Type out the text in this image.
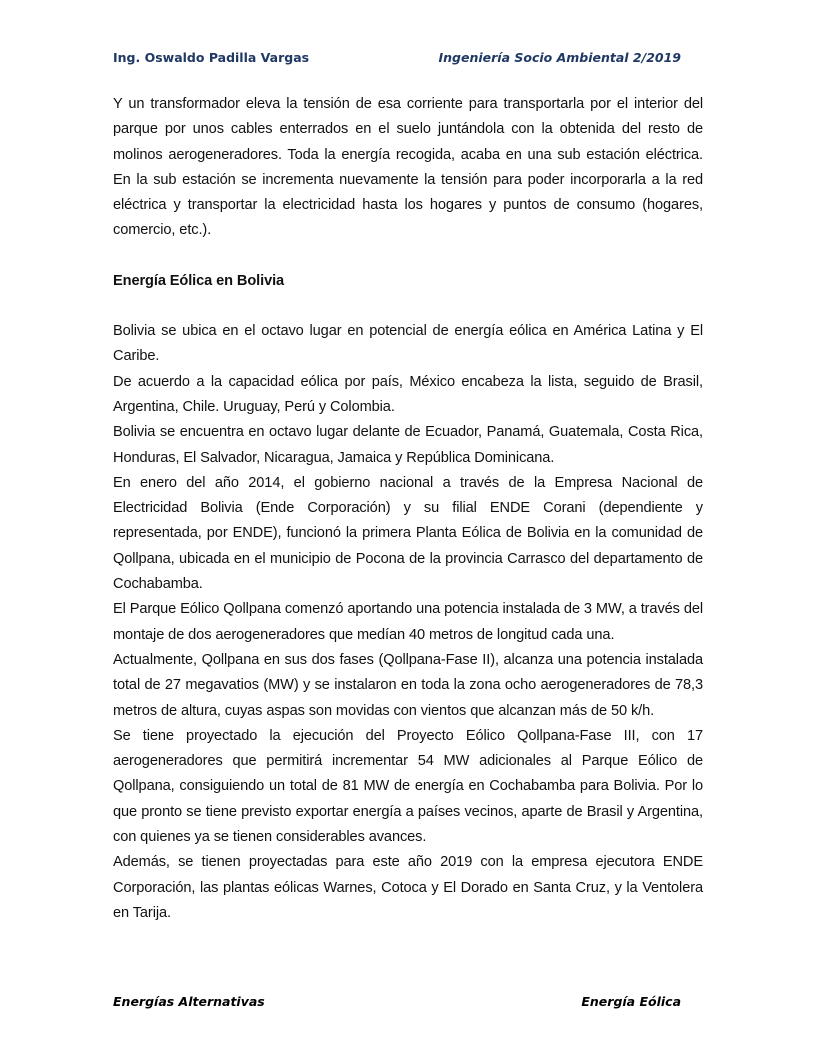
Ing. Oswaldo Padilla Vargas	Ingeniería Socio Ambiental 2/2019

Y un transformador eleva la tensión de esa corriente para transportarla por el interior del parque por unos cables enterrados en el suelo juntándola con la obtenida del resto de molinos aerogeneradores. Toda la energía recogida, acaba en una sub estación eléctrica. En la sub estación se incrementa nuevamente la tensión para poder incorporarla a la red eléctrica y transportar la electricidad hasta los hogares y puntos de consumo (hogares, comercio, etc.).

Energía Eólica en Bolivia

Bolivia se ubica en el octavo lugar en potencial de energía eólica en América Latina y El Caribe.

De acuerdo a la capacidad eólica por país, México encabeza la lista, seguido de Brasil, Argentina, Chile. Uruguay, Perú y Colombia.

Bolivia se encuentra en octavo lugar delante de Ecuador, Panamá, Guatemala, Costa Rica, Honduras, El Salvador, Nicaragua, Jamaica y República Dominicana.

En enero del año 2014, el gobierno nacional a través de la Empresa Nacional de Electricidad Bolivia (Ende Corporación) y su filial ENDE Corani (dependiente y representada, por ENDE), funcionó la primera Planta Eólica de Bolivia en la comunidad de Qollpana, ubicada en el municipio de Pocona de la provincia Carrasco del departamento de Cochabamba.

El Parque Eólico Qollpana comenzó aportando una potencia instalada de 3 MW, a través del montaje de dos aerogeneradores que medían 40 metros de longitud cada una.

Actualmente, Qollpana en sus dos fases (Qollpana-Fase II), alcanza una potencia instalada total de 27 megavatios (MW) y se instalaron en toda la zona ocho aerogeneradores de 78,3 metros de altura, cuyas aspas son movidas con vientos que alcanzan más de 50 k/h.

Se tiene proyectado la ejecución del Proyecto Eólico Qollpana-Fase III, con 17 aerogeneradores que permitirá incrementar 54 MW adicionales al Parque Eólico de Qollpana, consiguiendo un total de 81 MW de energía en Cochabamba para Bolivia. Por lo que pronto se tiene previsto exportar energía a países vecinos, aparte de Brasil y Argentina, con quienes ya se tienen considerables avances.

Además, se tienen proyectadas para este año 2019 con la empresa ejecutora ENDE Corporación, las plantas eólicas Warnes, Cotoca y El Dorado en Santa Cruz, y la Ventolera en Tarija.

Energías Alternativas	Energía Eólica
